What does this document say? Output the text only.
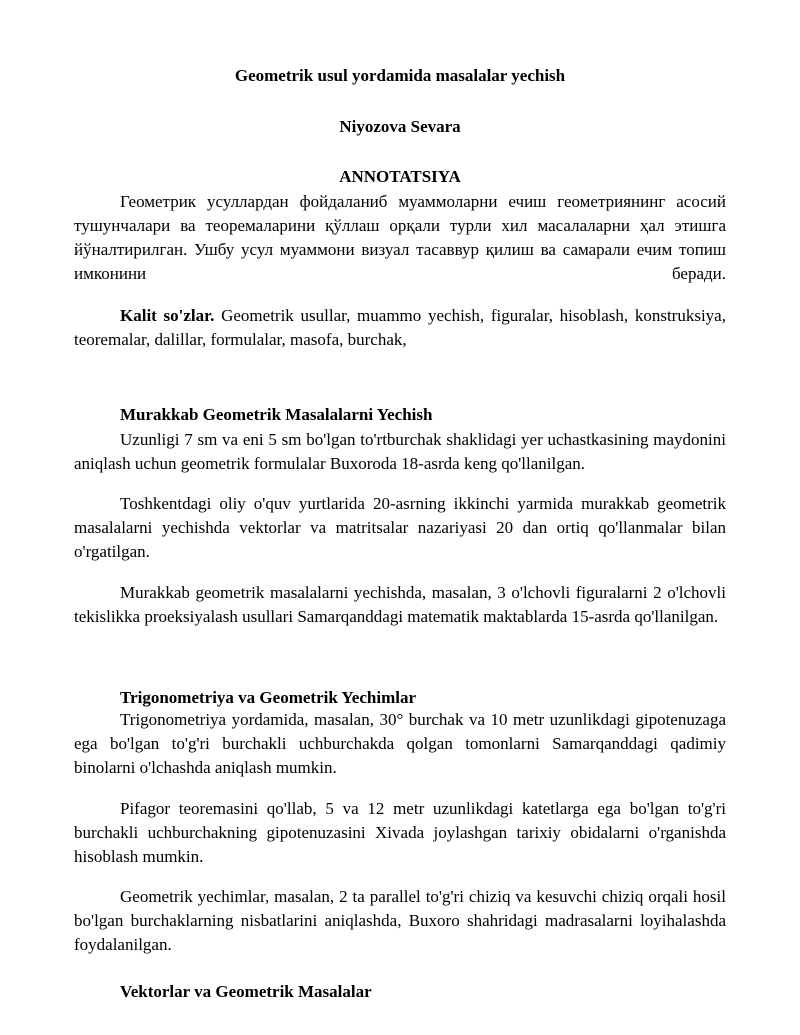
Geometrik usul yordamida masalalar yechish
Niyozova Sevara
ANNOTATSIYA

Геометрик усуллардан фойдаланиб муаммоларни ечиш геометриянинг асосий тушунчалари ва теоремаларини қўллаш орқали турли хил масалаларни ҳал этишга йўналтирилган. Ушбу усул муаммони визуал тасаввур қилиш ва самарали ечим топиш имконини беради.

Kalit so'zlar. Geometrik usullar, muammo yechish, figuralar, hisoblash, konstruksiya, teoremalar, dalillar, formulalar, masofa, burchak,

Murakkab Geometrik Masalalarni Yechish

Uzunligi 7 sm va eni 5 sm bo'lgan to'rtburchak shaklidagi yer uchastkasining maydonini aniqlash uchun geometrik formulalar Buxoroda 18-asrda keng qo'llanilgan.

Toshkentdagi oliy o'quv yurtlarida 20-asrning ikkinchi yarmida murakkab geometrik masalalarni yechishda vektorlar va matritsalar nazariyasi 20 dan ortiq qo'llanmalar bilan o'rgatilgan.

Murakkab geometrik masalalarni yechishda, masalan, 3 o'lchovli figuralarni 2 o'lchovli tekislikka proeksiyalash usullari Samarqanddagi matematik maktablarda 15-asrda qo'llanilgan.

Trigonometriya va Geometrik Yechimlar

Trigonometriya yordamida, masalan, 30° burchak va 10 metr uzunlikdagi gipotenuzaga ega bo'lgan to'g'ri burchakli uchburchakda qolgan tomonlarni Samarqanddagi qadimiy binolarni o'lchashda aniqlash mumkin.

Pifagor teoremasini qo'llab, 5 va 12 metr uzunlikdagi katetlarga ega bo'lgan to'g'ri burchakli uchburchakning gipotenuzasini Xivada joylashgan tarixiy obidalarni o'rganishda hisoblash mumkin.

Geometrik yechimlar, masalan, 2 ta parallel to'g'ri chiziq va kesuvchi chiziq orqali hosil bo'lgan burchaklarning nisbatlarini aniqlashda, Buxoro shahridagi madrasalarni loyihalashda foydalanilgan.

Vektorlar va Geometrik Masalalar
